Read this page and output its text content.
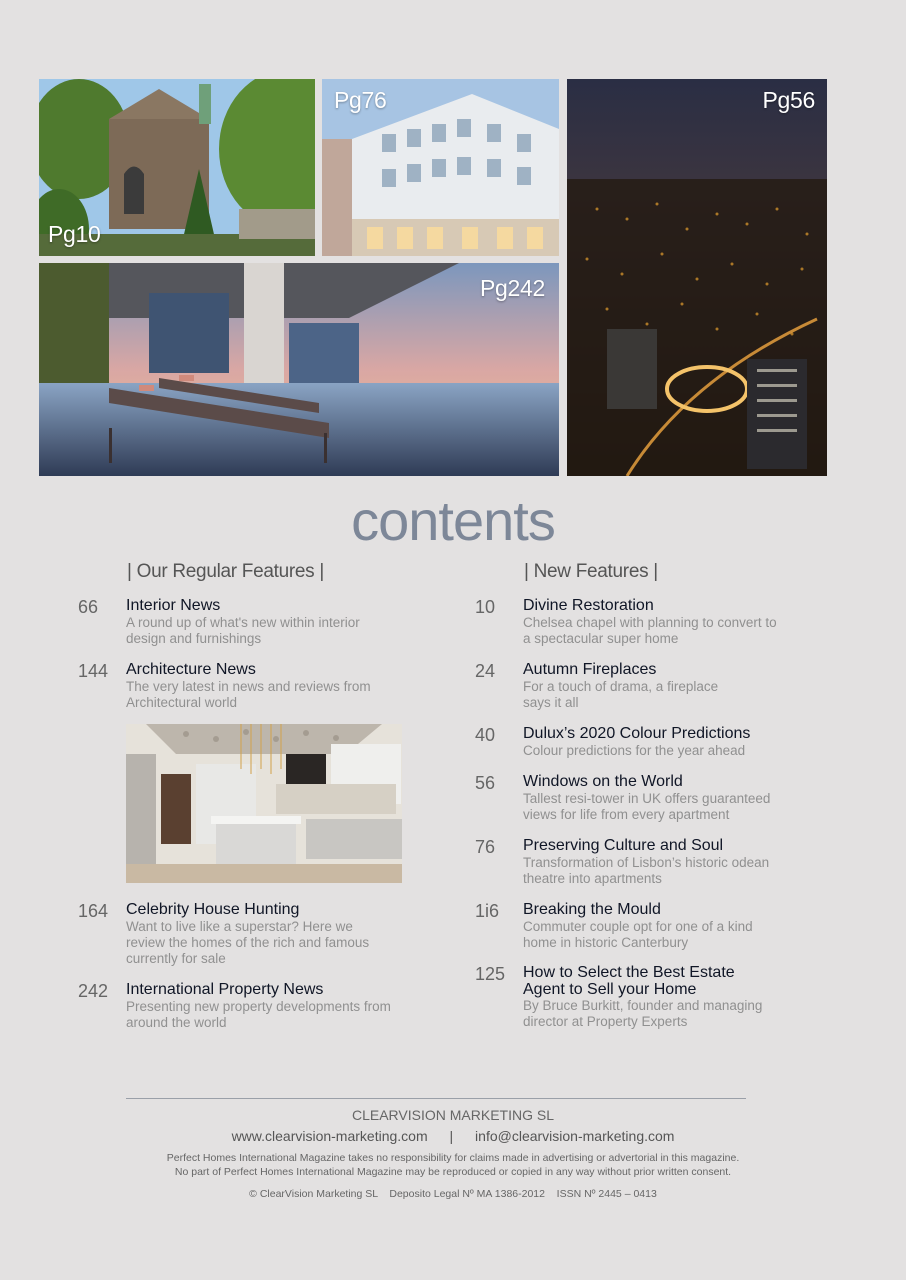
Pg10
Pg76	Pg56
Pg242
contents
| Our Regular Features |	| New Features |
66 Interior News
A round up of what's new within interior
design and furnishings
144 Architecture News
The very latest in news and reviews from
Architectural world
164 Celebrity House Hunting
Want to live like a superstar? Here we
review the homes of the rich and famous
currently for sale
242 International Property News
Presenting new property developments from
around the world
10 Divine Restoration
Chelsea chapel with planning to convert to
a spectacular super home
24 Autumn Fireplaces
For a touch of drama, a fireplace
says it all
40 Dulux’s 2020 Colour Predictions
Colour predictions for the year ahead
56 Windows on the World
Tallest resi-tower in UK offers guaranteed
views for life from every apartment
76 Preserving Culture and Soul
Transformation of Lisbon’s historic odean
theatre into apartments
1i6 Breaking the Mould
Commuter couple opt for one of a kind
home in historic Canterbury
125 How to Select the Best Estate
Agent to Sell your Home
By Bruce Burkitt, founder and managing
director at Property Experts
CLEARVISION MARKETING SL
www.clearvision-marketing.com | info@clearvision-marketing.com
Perfect Homes International Magazine takes no responsibility for claims made in advertising or advertorial in this magazine.
No part of Perfect Homes International Magazine may be reproduced or copied in any way without prior written consent.
© ClearVision Marketing SL    Deposito Legal Nº MA 1386-2012    ISSN Nº 2445 – 0413
